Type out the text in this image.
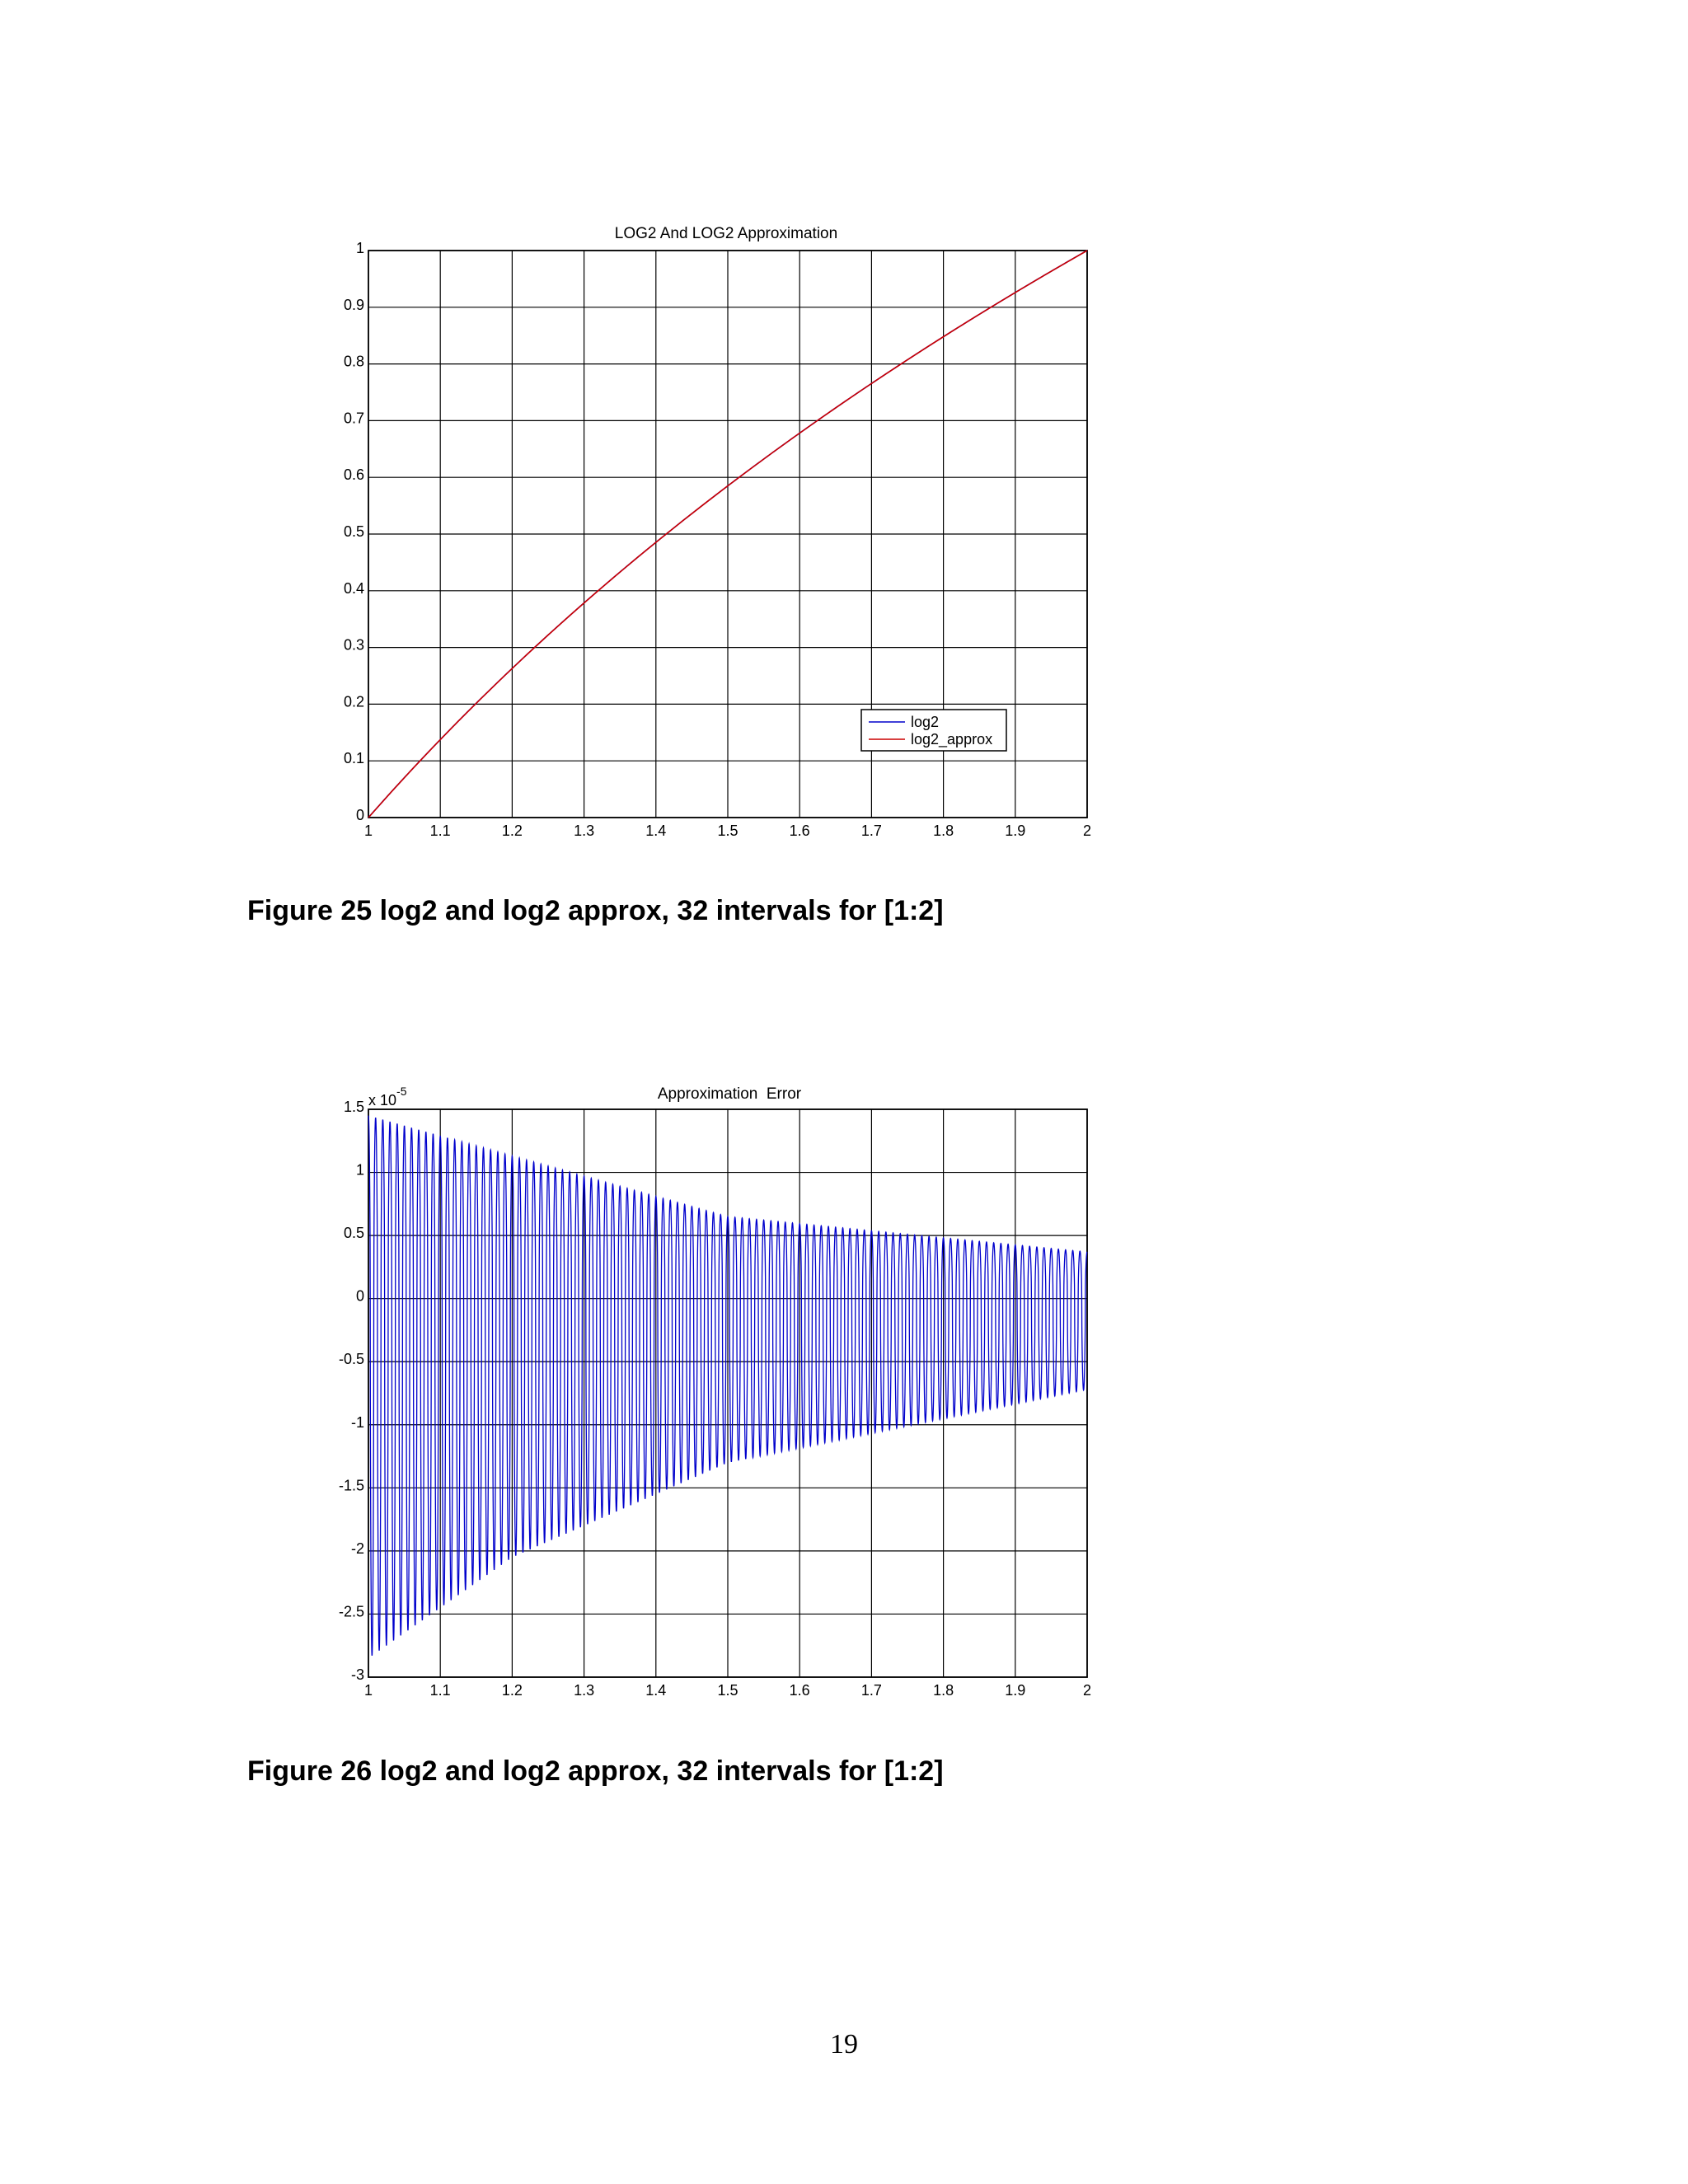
1	1.1	1.2	1.3	1.4	1.5	1.6	1.7	1.8	1.9	2
0
0.1
0.2
0.3
0.4
0.5
0.6
0.7
0.8
0.9
1
LOG2 And LOG2 Approximation
log2
log2_approx
Figure 25 log2 and log2 approx, 32 intervals for [1:2]
1	1.1	1.2	1.3	1.4	1.5	1.6	1.7	1.8	1.9	2
-3
-2.5
-2
-1.5
-1
-0.5
0
0.5
1
1.5
Approximation  Error
x $10^{-5}$
Figure 26 log2 and log2 approx, 32 intervals for [1:2]
19
